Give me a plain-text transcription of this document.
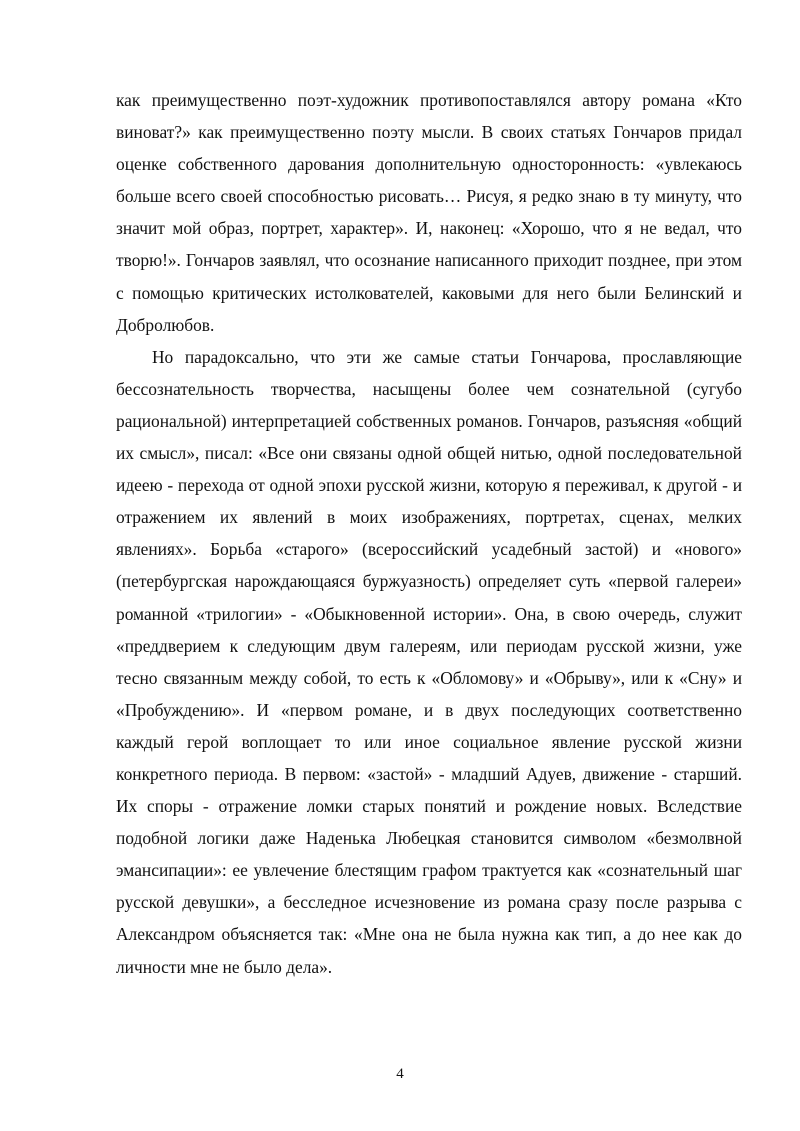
как преимущественно поэт-художник противопоставлялся автору романа «Кто виноват?» как преимущественно поэту мысли. В своих статьях Гончаров придал оценке собственного дарования дополнительную односторонность: «увлекаюсь больше всего своей способностью рисовать… Рисуя, я редко знаю в ту минуту, что значит мой образ, портрет, характер». И, наконец: «Хорошо, что я не ведал, что творю!». Гончаров заявлял, что осознание написанного приходит позднее, при этом с помощью критических истолкователей, каковыми для него были Белинский и Добролюбов.

Но парадоксально, что эти же самые статьи Гончарова, прославляющие бессознательность творчества, насыщены более чем сознательной (сугубо рациональной) интерпретацией собственных романов. Гончаров, разъясняя «общий их смысл», писал: «Все они связаны одной общей нитью, одной последовательной идеею - перехода от одной эпохи русской жизни, которую я переживал, к другой - и отражением их явлений в моих изображениях, портретах, сценах, мелких явлениях». Борьба «старого» (всероссийский усадебный застой) и «нового» (петербургская нарождающаяся буржуазность) определяет суть «первой галереи» романной «трилогии» - «Обыкновенной истории». Она, в свою очередь, служит «преддверием к следующим двум галереям, или периодам русской жизни, уже тесно связанным между собой, то есть к «Обломову» и «Обрыву», или к «Сну» и «Пробуждению». И «первом романе, и в двух последующих соответственно каждый герой воплощает то или иное социальное явление русской жизни конкретного периода. В первом: «застой» - младший Адуев, движение - старший. Их споры - отражение ломки старых понятий и рождение новых. Вследствие подобной логики даже Наденька Любецкая становится символом «безмолвной эмансипации»: ее увлечение блестящим графом трактуется как «сознательный шаг русской девушки», а бесследное исчезновение из романа сразу после разрыва с Александром объясняется так: «Мне она не была нужна как тип, а до нее как до личности мне не было дела».

4
